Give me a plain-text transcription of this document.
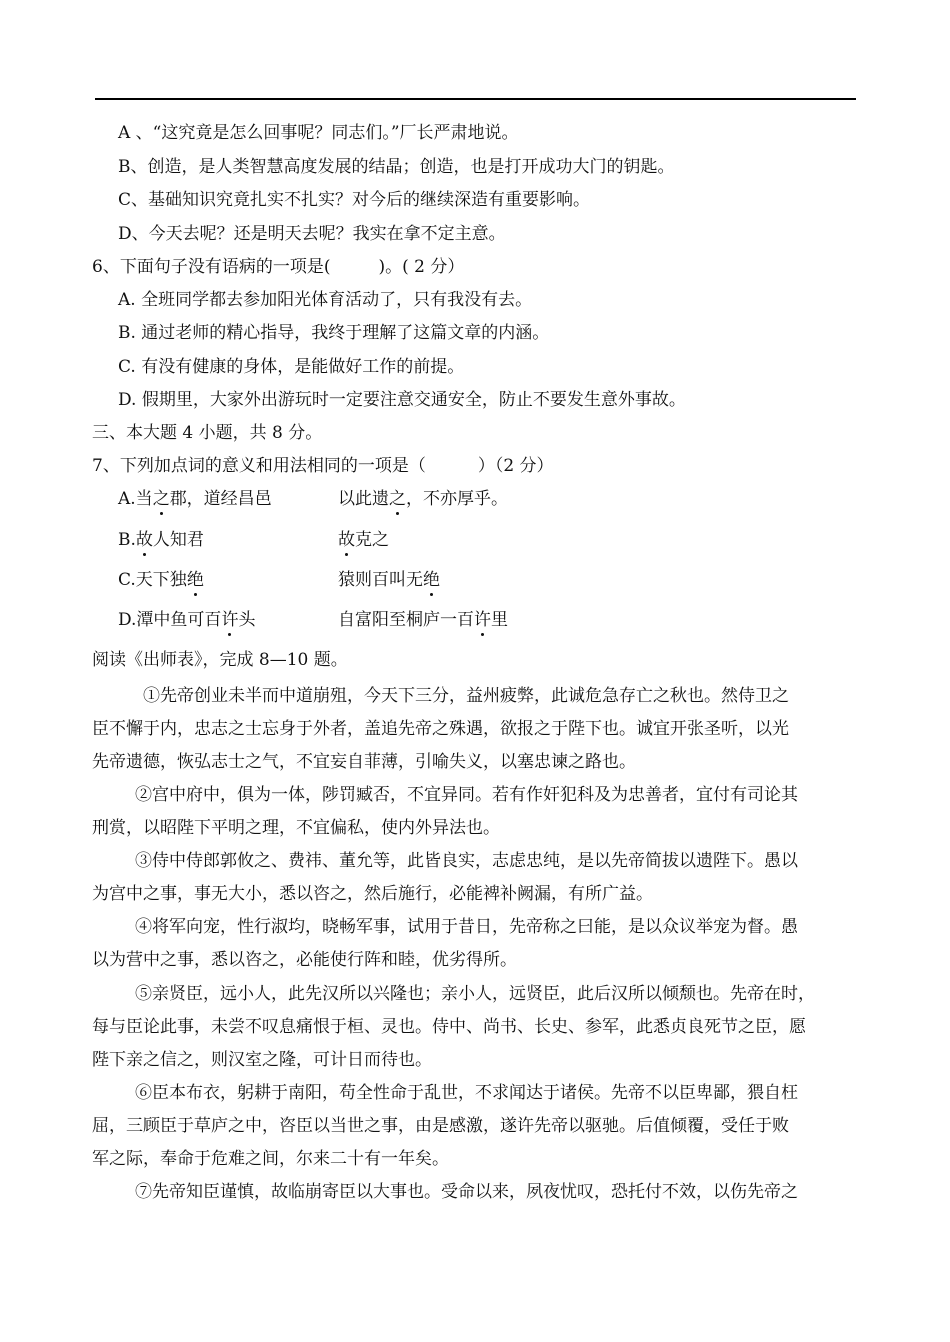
A 、“这究竟是怎么回事呢？同志们。”厂长严肃地说。
B、创造，是人类智慧高度发展的结晶；创造，也是打开成功大门的钥匙。
C、基础知识究竟扎实不扎实？对今后的继续深造有重要影响。
D、今天去呢？还是明天去呢？我实在拿不定主意。
6、下面句子没有语病的一项是(	)。( 2 分）
A. 全班同学都去参加阳光体育活动了，只有我没有去。
B. 通过老师的精心指导，我终于理解了这篇文章的内涵。
C. 有没有健康的身体，是能做好工作的前提。
D. 假期里，大家外出游玩时一定要注意交通安全，防止不要发生意外事故。
三、本大题 4 小题，共 8 分。
7、下列加点词的意义和用法相同的一项是（	）（2 分）
A.当之郡，道经昌邑	以此遗之，不亦厚乎。
B.故人知君	故克之
C.天下独绝	猿则百叫无绝
D.潭中鱼可百许头	自富阳至桐庐一百许里
阅读《出师表》，完成 8—10 题。
①先帝创业未半而中道崩殂，今天下三分，益州疲弊，此诚危急存亡之秋也。然侍卫之
臣不懈于内，忠志之士忘身于外者，盖追先帝之殊遇，欲报之于陛下也。诚宜开张圣听，以光
先帝遗德，恢弘志士之气，不宜妄自菲薄，引喻失义，以塞忠谏之路也。
②宫中府中，俱为一体，陟罚臧否，不宜异同。若有作奸犯科及为忠善者，宜付有司论其
刑赏，以昭陛下平明之理，不宜偏私，使内外异法也。
③侍中侍郎郭攸之、费祎、董允等，此皆良实，志虑忠纯，是以先帝简拔以遗陛下。愚以
为宫中之事，事无大小，悉以咨之，然后施行，必能裨补阙漏，有所广益。
④将军向宠，性行淑均，晓畅军事，试用于昔日，先帝称之曰能，是以众议举宠为督。愚
以为营中之事，悉以咨之，必能使行阵和睦，优劣得所。
⑤亲贤臣，远小人，此先汉所以兴隆也；亲小人，远贤臣，此后汉所以倾颓也。先帝在时，
每与臣论此事，未尝不叹息痛恨于桓、灵也。侍中、尚书、长史、参军，此悉贞良死节之臣，愿
陛下亲之信之，则汉室之隆，可计日而待也。
⑥臣本布衣，躬耕于南阳，苟全性命于乱世，不求闻达于诸侯。先帝不以臣卑鄙，猥自枉
屈，三顾臣于草庐之中，咨臣以当世之事，由是感激，遂许先帝以驱驰。后值倾覆，受任于败
军之际，奉命于危难之间，尔来二十有一年矣。
⑦先帝知臣谨慎，故临崩寄臣以大事也。受命以来，夙夜忧叹，恐托付不效，以伤先帝之
